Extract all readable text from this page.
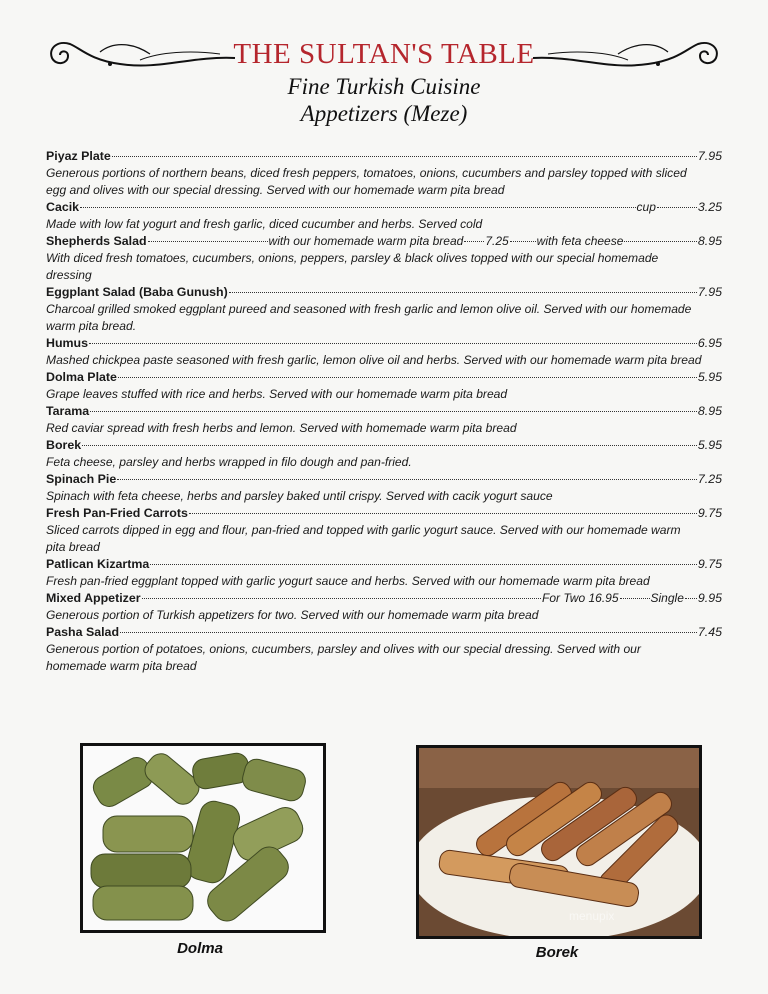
THE SULTAN'S TABLE
Fine Turkish Cuisine
Appetizers (Meze)
Piyaz Plate	7.95

Generous portions of northern beans, diced fresh peppers, tomatoes, onions, cucumbers and parsley topped with sliced egg and olives with our special dressing. Served with our homemade warm pita bread

Cacik	cup	3.25

Made with low fat yogurt and fresh garlic, diced cucumber and herbs. Served cold

Shepherds Salad	with our homemade warm pita bread 7.25 with feta cheese	8.95

With diced fresh tomatoes, cucumbers, onions, peppers, parsley & black olives topped with our special homemade dressing

Eggplant Salad (Baba Gunush)	7.95

Charcoal grilled smoked eggplant pureed and seasoned with fresh garlic and lemon olive oil. Served with our homemade warm pita bread.

Humus	6.95

Mashed chickpea paste seasoned with fresh garlic, lemon olive oil and herbs. Served with our homemade warm pita bread

Dolma Plate	5.95

Grape leaves stuffed with rice and herbs. Served with our homemade warm pita bread

Tarama	8.95

Red caviar spread with fresh herbs and lemon. Served with homemade warm pita bread

Borek	5.95

Feta cheese, parsley and herbs wrapped in filo dough and pan-fried.

Spinach Pie	7.25

Spinach with feta cheese, herbs and parsley baked until crispy. Served with cacik yogurt sauce

Fresh Pan-Fried Carrots	9.75

Sliced carrots dipped in egg and flour, pan-fried and topped with garlic yogurt sauce. Served with our homemade warm pita bread

Patlican Kizartma	9.75

Fresh pan-fried eggplant topped with garlic yogurt sauce and herbs. Served with our homemade warm pita bread

Mixed Appetizer	For Two 16.95	Single 9.95

Generous portion of Turkish appetizers for two. Served with our homemade warm pita bread

Pasha Salad	7.45

Generous portion of potatoes, onions, cucumbers, parsley and olives with our special dressing. Served with our homemade warm pita bread

Dolma
menupix
Borek
